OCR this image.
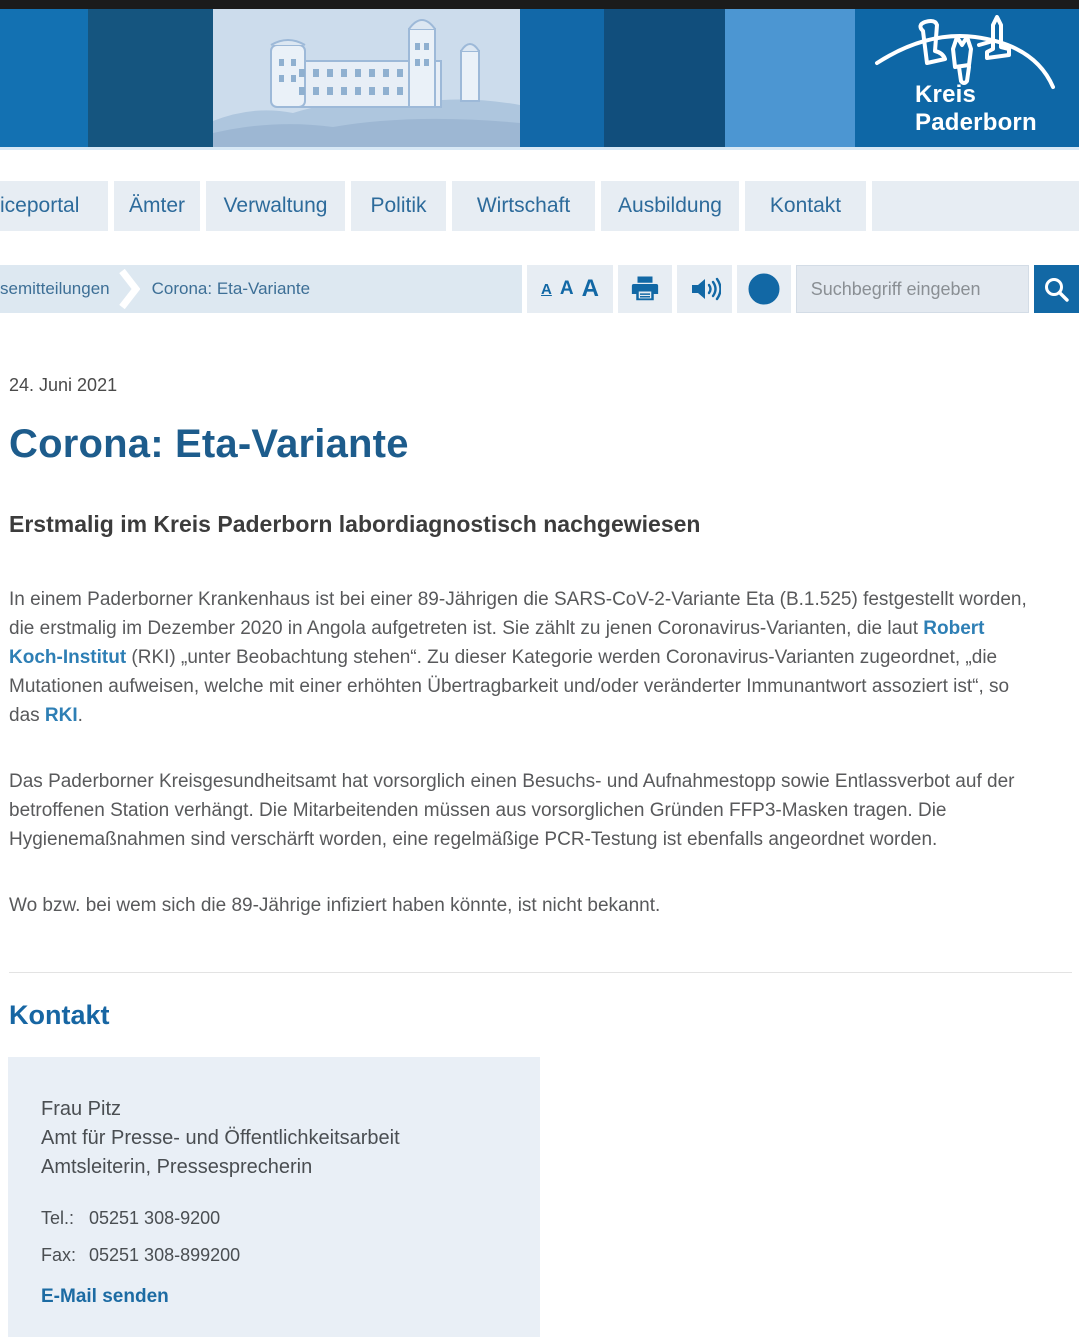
Kreis
Paderborn
iceportal	Ämter	Verwaltung	Politik	Wirtschaft	Ausbildung	Kontakt
semitteilungen Corona: Eta-Variante	A A A
Suchbegriff eingeben
24. Juni 2021
Corona: Eta-Variante
Erstmalig im Kreis Paderborn labordiagnostisch nachgewiesen

In einem Paderborner Krankenhaus ist bei einer 89-Jährigen die SARS-CoV-2-Variante Eta (B.1.525) festgestellt worden, die erstmalig im Dezember 2020 in Angola aufgetreten ist. Sie zählt zu jenen Coronavirus-Varianten, die laut Robert Koch-Institut (RKI) „unter Beobachtung stehen“. Zu dieser Kategorie werden Coronavirus-Varianten zugeordnet, „die Mutationen aufweisen, welche mit einer erhöhten Übertragbarkeit und/oder veränderter Immunantwort assoziert ist“, so das RKI.

Das Paderborner Kreisgesundheitsamt hat vorsorglich einen Besuchs- und Aufnahmestopp sowie Entlassverbot auf der betroffenen Station verhängt. Die Mitarbeitenden müssen aus vorsorglichen Gründen FFP3-Masken tragen. Die Hygienemaßnahmen sind verschärft worden, eine regelmäßige PCR-Testung ist ebenfalls angeordnet worden.

Wo bzw. bei wem sich die 89-Jährige infiziert haben könnte, ist nicht bekannt.

Kontakt
Frau Pitz
Amt für Presse- und Öffentlichkeitsarbeit
Amtsleiterin, Pressesprecherin
Tel.: 05251 308-9200
Fax: 05251 308-899200
E-Mail senden
